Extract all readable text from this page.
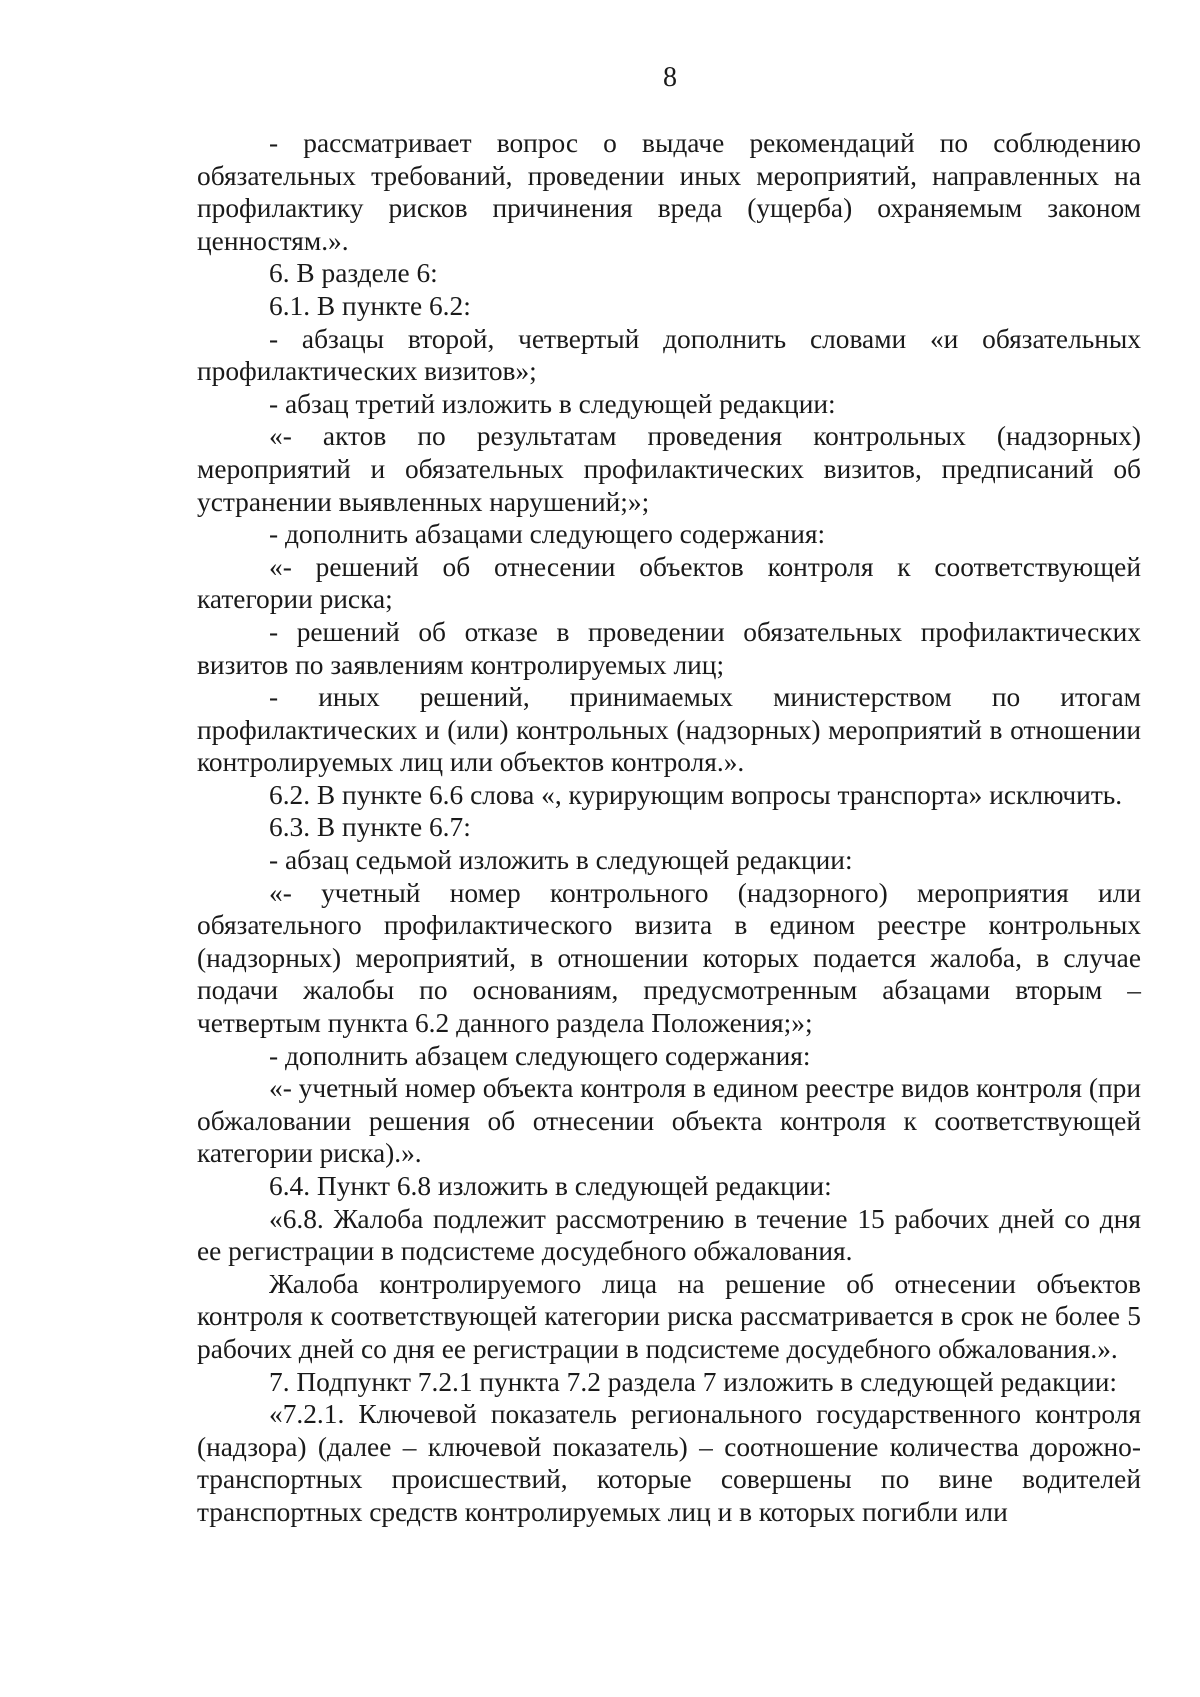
8

- рассматривает вопрос о выдаче рекомендаций по соблюдению обязательных требований, проведении иных мероприятий, направленных на профилактику рисков причинения вреда (ущерба) охраняемым законом ценностям.».

6. В разделе 6:

6.1. В пункте 6.2:

- абзацы второй, четвертый дополнить словами «и обязательных профилактических визитов»;

- абзац третий изложить в следующей редакции:

«- актов по результатам проведения контрольных (надзорных) мероприятий и обязательных профилактических визитов, предписаний об устранении выявленных нарушений;»;

- дополнить абзацами следующего содержания:

«- решений об отнесении объектов контроля к соответствующей категории риска;

- решений об отказе в проведении обязательных профилактических визитов по заявлениям контролируемых лиц;

- иных решений, принимаемых министерством по итогам профилактических и (или) контрольных (надзорных) мероприятий в отношении контролируемых лиц или объектов контроля.».

6.2. В пункте 6.6 слова «, курирующим вопросы транспорта» исключить.

6.3. В пункте 6.7:

- абзац седьмой изложить в следующей редакции:

«- учетный номер контрольного (надзорного) мероприятия или обязательного профилактического визита в едином реестре контрольных (надзорных) мероприятий, в отношении которых подается жалоба, в случае подачи жалобы по основаниям, предусмотренным абзацами вторым – четвертым пункта 6.2 данного раздела Положения;»;

- дополнить абзацем следующего содержания:

«- учетный номер объекта контроля в едином реестре видов контроля (при обжаловании решения об отнесении объекта контроля к соответствующей категории риска).».

6.4. Пункт 6.8 изложить в следующей редакции:

«6.8. Жалоба подлежит рассмотрению в течение 15 рабочих дней со дня ее регистрации в подсистеме досудебного обжалования.

Жалоба контролируемого лица на решение об отнесении объектов контроля к соответствующей категории риска рассматривается в срок не более 5 рабочих дней со дня ее регистрации в подсистеме досудебного обжалования.».

7. Подпункт 7.2.1 пункта 7.2 раздела 7 изложить в следующей редакции:

«7.2.1. Ключевой показатель регионального государственного контроля (надзора) (далее – ключевой показатель) – соотношение количества дорожно-транспортных происшествий, которые совершены по вине водителей транспортных средств контролируемых лиц и в которых погибли или
